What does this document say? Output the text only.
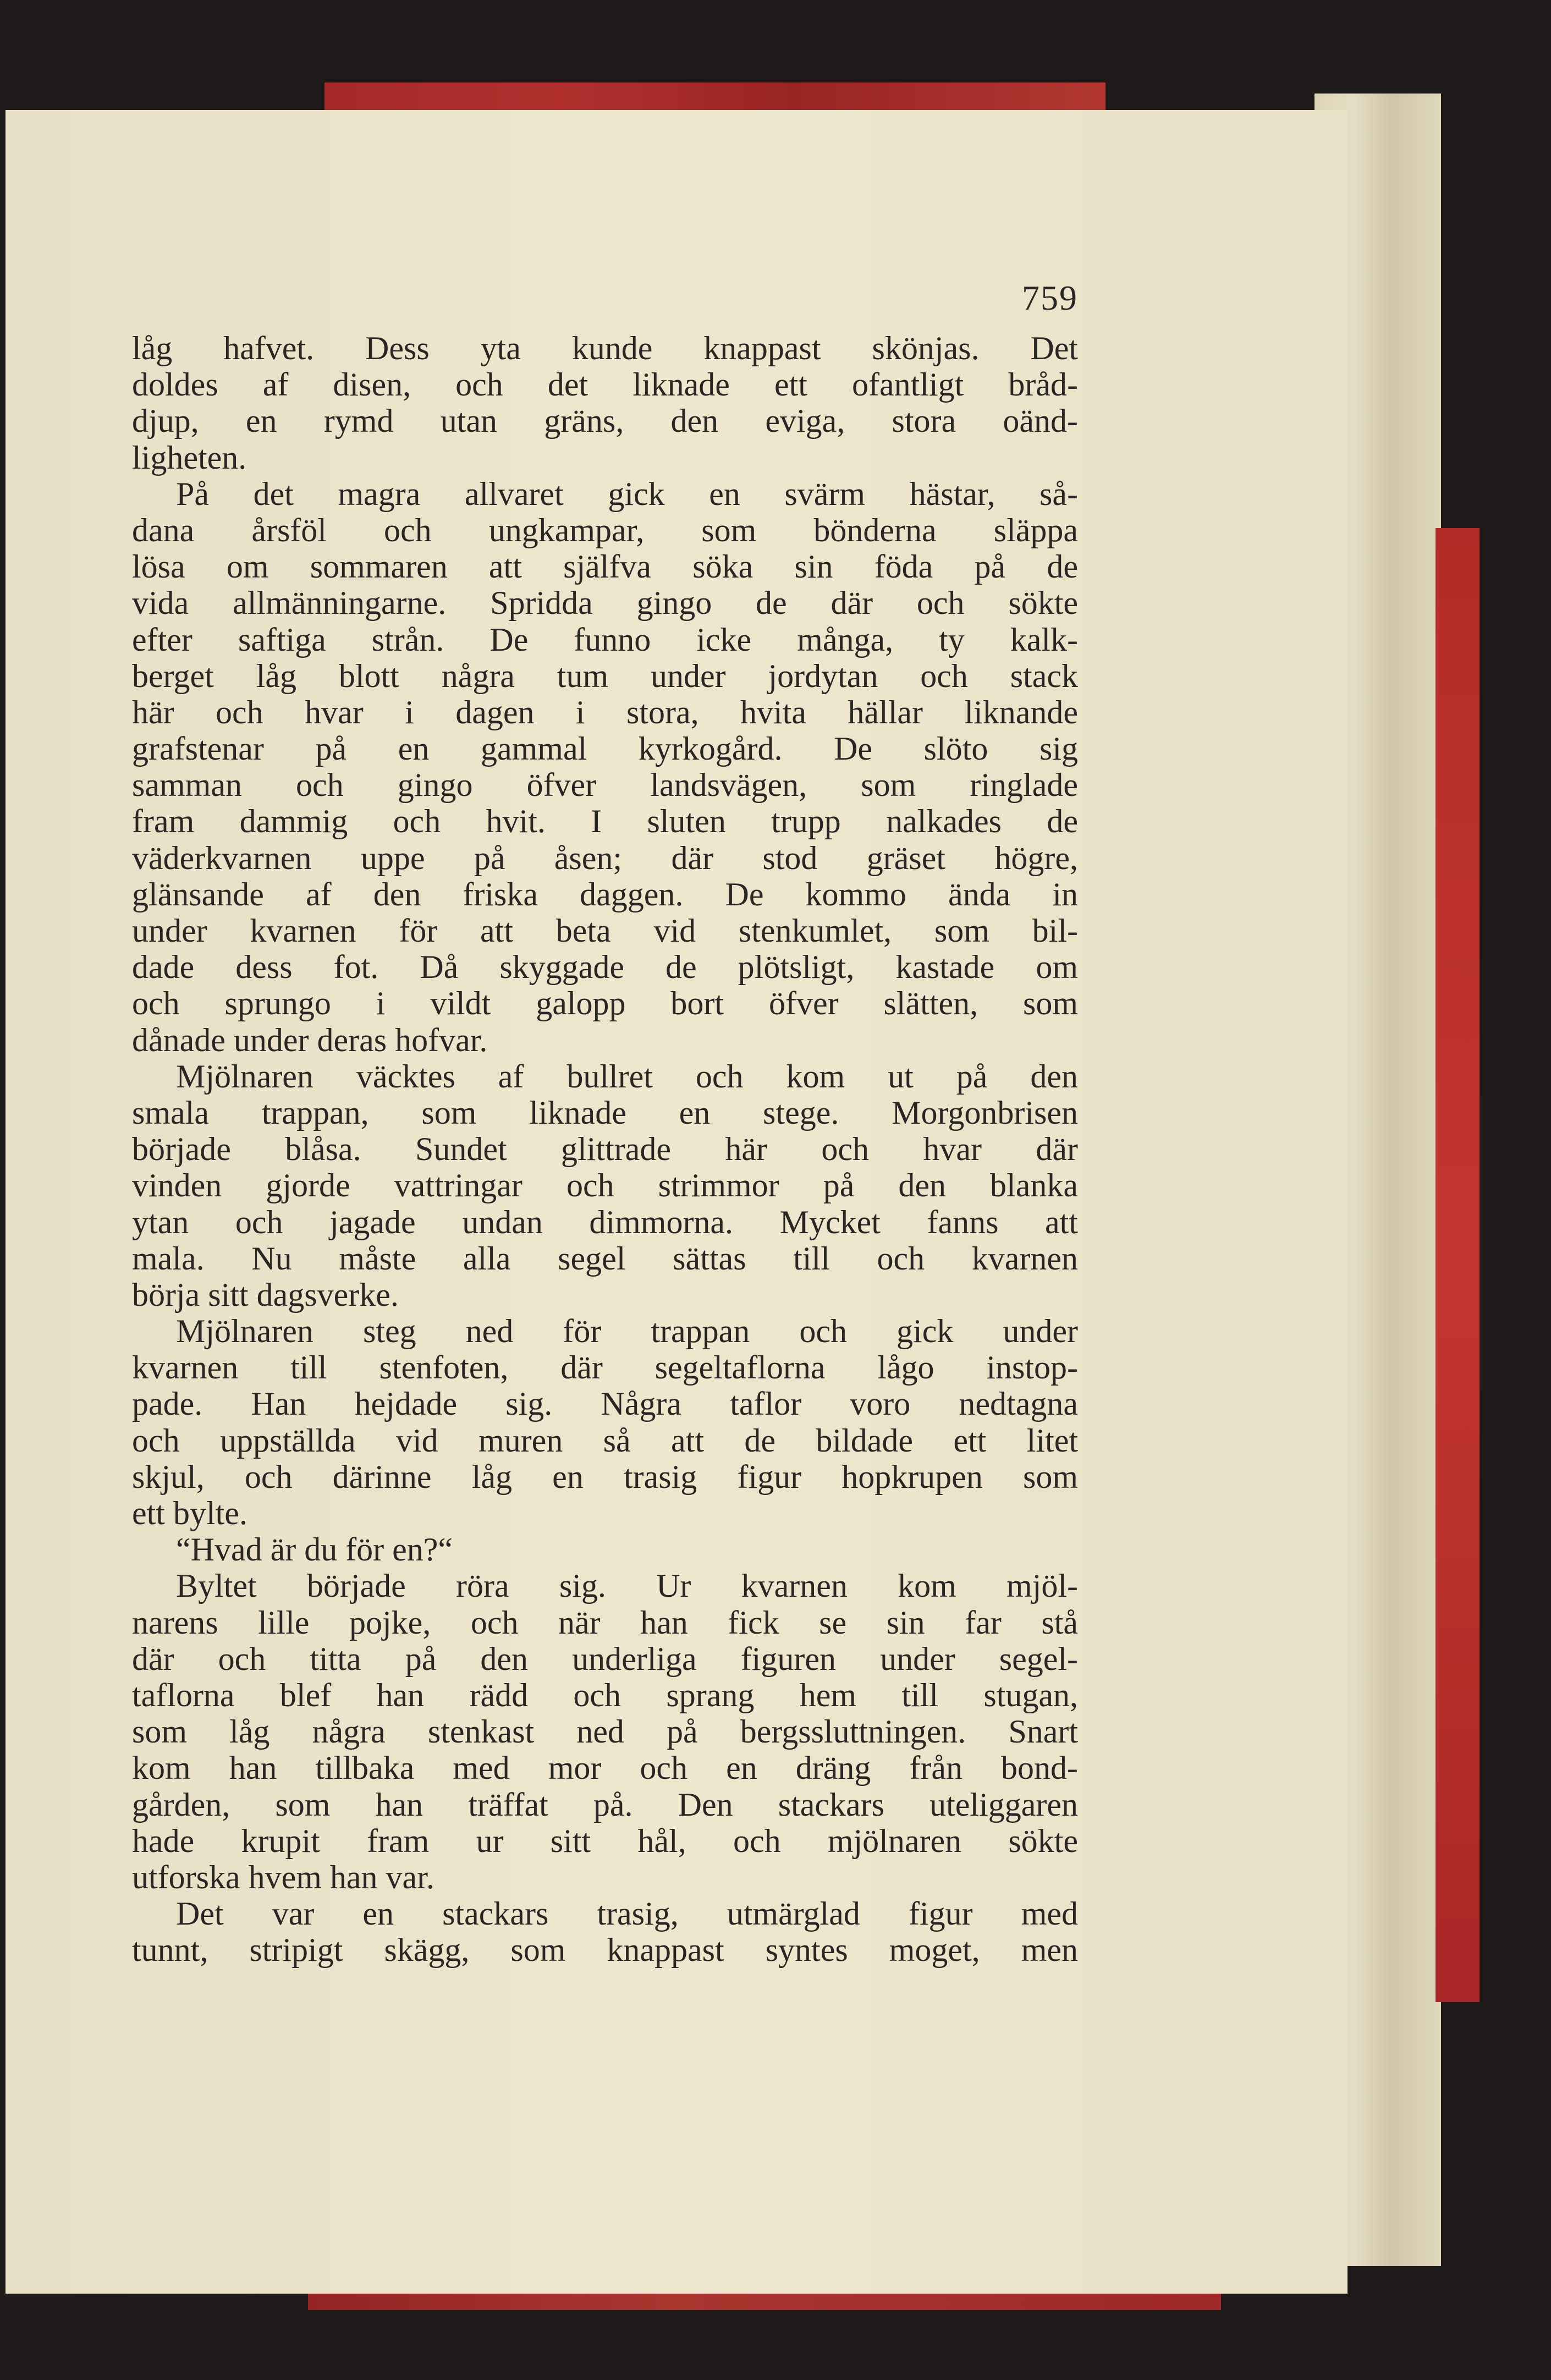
759
låg hafvet. Dess yta kunde knappast skönjas. Det
doldes af disen, och det liknade ett ofantligt bråd-
djup, en rymd utan gräns, den eviga, stora oänd-
ligheten.
På det magra allvaret gick en svärm hästar, så-
dana årsföl och ungkampar, som bönderna släppa
lösa om sommaren att själfva söka sin föda på de
vida allmänningarne. Spridda gingo de där och sökte
efter saftiga strån. De funno icke många, ty kalk-
berget låg blott några tum under jordytan och stack
här och hvar i dagen i stora, hvita hällar liknande
grafstenar på en gammal kyrkogård. De slöto sig
samman och gingo öfver landsvägen, som ringlade
fram dammig och hvit. I sluten trupp nalkades de
väderkvarnen uppe på åsen; där stod gräset högre,
glänsande af den friska daggen. De kommo ända in
under kvarnen för att beta vid stenkumlet, som bil-
dade dess fot. Då skyggade de plötsligt, kastade om
och sprungo i vildt galopp bort öfver slätten, som
dånade under deras hofvar.
Mjölnaren väcktes af bullret och kom ut på den
smala trappan, som liknade en stege. Morgonbrisen
började blåsa. Sundet glittrade här och hvar där
vinden gjorde vattringar och strimmor på den blanka
ytan och jagade undan dimmorna. Mycket fanns att
mala. Nu måste alla segel sättas till och kvarnen
börja sitt dagsverke.
Mjölnaren steg ned för trappan och gick under
kvarnen till stenfoten, där segeltaflorna lågo instop-
pade. Han hejdade sig. Några taflor voro nedtagna
och uppställda vid muren så att de bildade ett litet
skjul, och därinne låg en trasig figur hopkrupen som
ett bylte.
“Hvad är du för en?“
Byltet började röra sig. Ur kvarnen kom mjöl-
narens lille pojke, och när han fick se sin far stå
där och titta på den underliga figuren under segel-
taflorna blef han rädd och sprang hem till stugan,
som låg några stenkast ned på bergssluttningen. Snart
kom han tillbaka med mor och en dräng från bond-
gården, som han träffat på. Den stackars uteliggaren
hade krupit fram ur sitt hål, och mjölnaren sökte
utforska hvem han var.
Det var en stackars trasig, utmärglad figur med
tunnt, stripigt skägg, som knappast syntes moget, men
